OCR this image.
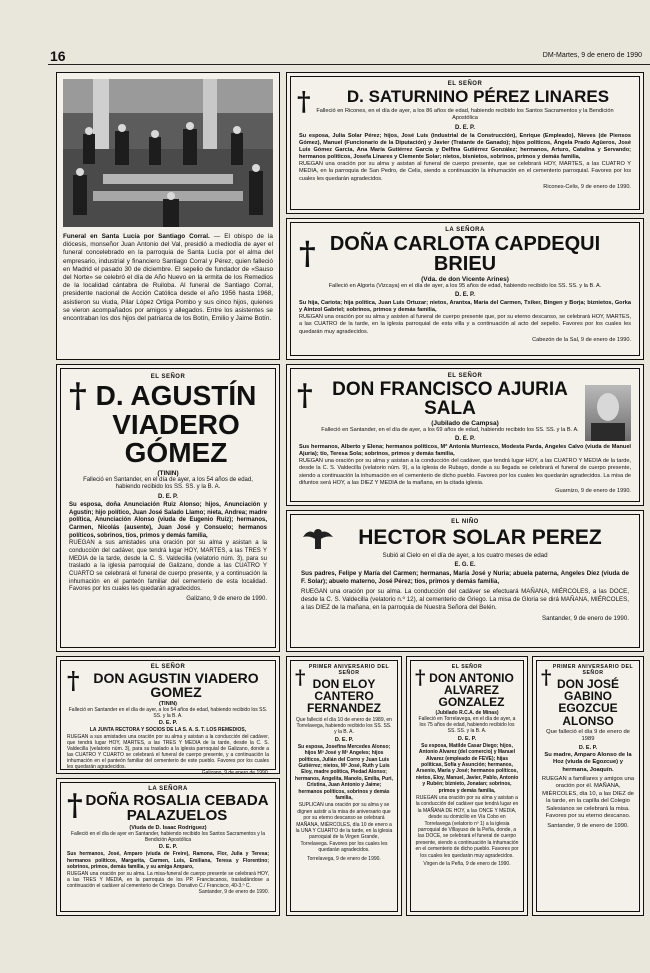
16	DM-Martes, 9 de enero de 1990
Funeral en Santa Lucía por Santiago Corral. — El obispo de la diócesis, monseñor Juan Antonio del Val, presidió a mediodía de ayer el funeral concelebrado en la parroquia de Santa Lucía por el alma del empresario, industrial y financiero Santiago Corral y Pérez, quien falleció en Madrid el pasado 30 de diciembre. El sepelio de fundador de «Sauso del Norte» se celebró el día de Año Nuevo en la ermita de los Remedios de la localidad cántabra de Ruiloba. Al funeral de Santiago Corral, presidente nacional de Acción Católica desde el año 1956 hasta 1968, asistieron su viuda, Pilar López Ortiga Pombo y sus cinco hijos, quienes se vieron acompañados por amigos y allegados. Entre los asistentes se encontraban los dos hijos del patriarca de los Botín, Emilio y Jaime Botín.
†
EL SEÑOR
D. SATURNINO PÉREZ LINARES
Falleció en Ricones, en el día de ayer, a los 86 años de edad, habiendo recibido los Santos Sacramentos y la Bendición Apostólica
D. E. P.
Su esposa, Julia Solar Pérez; hijos, José Luis (industrial de la Construcción), Enrique (Empleado), Nieves (de Piensos Gómez), Manuel (Funcionario de la Diputación) y Javier (Tratante de Ganado); hijos políticos, Ángela Prado Agüeros, José Luis Gómez García, Ana María Gutiérrez García y Delfina Gutiérrez González; hermanos, Arturo, Catalina y Servando; hermanos políticos, Josefa Linares y Clemente Solar; nietos, bisnietos, sobrinos, primos y demás familia,
RUEGAN una oración por su alma y asistan al funeral de cuerpo presente, que se celebrará HOY, MARTES, a las CUATRO Y MEDIA, en la parroquia de San Pedro, de Celis, siendo a continuación la inhumación en el cementerio parroquial. Favores por los cuales les quedarán agradecidos.
Ricones-Celis, 9 de enero de 1990.
†
LA SEÑORA
DOÑA CARLOTA CAPDEQUI BRIEU
(Vda. de don Vicente Arines)
Falleció en Algorta (Vizcaya) en el día de ayer, a los 95 años de edad, habiendo recibido los SS. SS. y la B. A.
D. E. P.
Su hija, Cariota; hija política, Juan Luis Ortuzar; nietos, Arantxa, María del Carmen, Txiker, Bingen y Borja; biznietos, Gorka y Aintzol Gabriel; sobrinos, primos y demás familia,
RUEGAN una oración por su alma y asisten al funeral de cuerpo presente que, por su eterno descanso, se celebrará HOY, MARTES, a las CUATRO de la tarde, en la iglesia parroquial de esta villa y a continuación al acto del sepelio. Favores por los cuales les quedarán muy agradecidos.
Cabezón de la Sal, 9 de enero de 1990.
†	EL SEÑOR
D. AGUSTÍN VIADERO GÓMEZ
(TININ)
Falleció en Santander, en el día de ayer, a los 54 años de edad, habiendo recibido los SS. SS. y la B. A.
D. E. P.
Su esposa, doña Anunciación Ruiz Alonso; hijos, Anunciación y Agustín; hijo político, Juan José Salado Llamo; nieta, Andrea; madre política, Anunciación Alonso (viuda de Eugenio Ruiz); hermanos, Carmen, Nicolás (ausente), Juan José y Consuelo; hermanos políticos, sobrinos, tíos, primos y demás familia,
RUEGAN a sus amistades una oración por su alma y asistan a la conducción del cadáver, que tendrá lugar HOY, MARTES, a las TRES Y MEDIA de la tarde, desde la C. S. Valdecilla (velatorio núm. 3), para su traslado a la iglesia parroquial de Galizano, donde a las CUATRO Y CUARTO se celebrará el funeral de cuerpo presente, y a continuación la inhumación en el panteón familiar del cementerio de esta localidad. Favores por los cuales les quedarán agradecidos.
Galizano, 9 de enero de 1990.
†
EL SEÑOR
DON FRANCISCO AJURIA SALA
(Jubilado de Campsa)
Falleció en Santander, en el día de ayer, a los 69 años de edad, habiendo recibido los SS. SS. y la B. A.
D. E. P.
Sus hermanos, Alberto y Elena; hermanos políticos, Mª Antonia Murriesco, Modesta Parda, Angeles Calvo (viuda de Manuel Ajuria); tío, Teresa Sola; sobrinos, primos y demás familia,
RUEGAN una oración por su alma y asistan a la conducción del cadáver, que tendrá lugar HOY, a las CUATRO Y MEDIA de la tarde, desde la C. S. Valdecilla (velatorio núm. 9), a la iglesia de Rubayo, donde a su llegada se celebrará el funeral de cuerpo presente, siendo a continuación la inhumación en el cementerio de dicho pueblo. Favores por los cuales les quedarán agradecidos. La misa de difuntos será HOY, a las DIEZ Y MEDIA de la mañana, en la citada iglesia.
Guarnizo, 9 de enero de 1990.
EL NIÑO
HECTOR SOLAR PEREZ
Subió al Cielo en el día de ayer, a los cuatro meses de edad
E. G. E.
Sus padres, Felipe y María del Carmen; hermanas, María José y Nuria; abuela paterna, Angeles Díez (viuda de F. Solar); abuelo materno, José Pérez; tíos, primos y demás familia,
RUEGAN una oración por su alma. La conducción del cadáver se efectuará MAÑANA, MIÉRCOLES, a las DOCE, desde la C. S. Valdecilla (velatorio n.º 12), al cementerio de Griego. La misa de Gloria se dirá MAÑANA, MIÉRCOLES, a las DIEZ de la mañana, en la parroquia de Nuestra Señora del Belén.
Santander, 9 de enero de 1990.
†	EL SEÑOR
DON AGUSTIN VIADERO GOMEZ
(TININ)
Falleció en Santander en el día de ayer, a los 54 años de edad, habiendo recibido los SS. SS. y la B. A.
D. E. P.
LA JUNTA RECTORA Y SOCIOS DE LA S. A. S. T. LOS REMEDIOS,
RUEGAN a sus amistades una oración por su alma y asistan a la conducción del cadáver, que tendrá lugar HOY, MARTES, a las TRES Y MEDIA de la tarde, desde la C. S. Valdecilla (velatorio núm. 3), para su traslado a la iglesia parroquial de Galizano, donde a las CUATRO Y CUARTO se celebrará el funeral de cuerpo presente, y a continuación la inhumación en el panteón familiar del cementerio de este pueblo. Favores por los cuales les quedarán agradecidos.
Galizano, 9 de enero de 1990.
†	LA SEÑORA
DOÑA ROSALIA CEBADA PALAZUELOS
(Viuda de D. Isaac Rodríguez)
Falleció en el día de ayer en Santander, habiendo recibido los Santos Sacramentos y la Bendición Apostólica
D. E. P.
Sus hermanos, José, Amparo (viuda de Freire), Ramona, Flor, Julia y Teresa; hermanos políticos, Margarita, Carmen, Luis, Emiliana, Teresa y Florentino; sobrinos, primos, demás familia, y su amiga Amparo,
RUEGAN una oración por su alma. La misa-funeral de cuerpo presente se celebrará HOY, a las TRES Y MEDIA, en la parroquia de los PP. Franciscanos, trasladándose a continuación el cadáver al cementerio de Ciriego. Donativo C./ Francisco, 40-3.º C.
Santander, 9 de enero de 1990.
† PRIMER ANIVERSARIO DEL SEÑOR
DON ELOY CANTERO FERNANDEZ
Que falleció el día 10 de enero de 1989, en Torrelavega, habiendo recibido los SS. SS. y la B. A.
D. E. P.
Su esposa, Josefina Mercedes Alonso; hijos Mª José y Mª Angeles; hijos políticos, Julián del Corro y Juan Luis Gutiérrez; nietos, Mª José, Ruth y Luis Eloy, madre política, Piedad Alonso; hermanos, Angelita, Manolo, Emilia, Puri, Cristina, Juan Antonio y Jaime; hermanos políticos, sobrinos y demás familia,
SUPLICAN una oración por su alma y se dignen asistir a la misa de aniversario que por su eterno descanso se celebrará MAÑANA, MIÉRCOLES, día 10 de enero a la UNA Y CUARTO de la tarde, en la iglesia parroquial de la Virgen Grande, Torrelavega. Favores por los cuales les quedarán agradecidos.
Torrelavega, 9 de enero de 1990.
†	EL SEÑOR
DON ANTONIO ALVAREZ GONZALEZ
(Jubilado R.C.A. de Minas)
Falleció en Torrelavega, en el día de ayer, a los 75 años de edad, habiendo recibido los SS. SS. y la B. A.
D. E. P.
Su esposa, Matilde Casar Diego; hijos, Antonio Alvarez (del comercio) y Manuel Alvarez (empleado de FEVE); hijas políticas, Sofía y Asunción; hermanos, Arsenio, María y José; hermanos políticos, nietos, Eloy, Manuel, Javier, Pablo, Antonio y Rubén; biznieto, Jonatan; sobrinos, primos y demás familia,
RUEGAN una oración por su alma y asistan a la conducción del cadáver que tendrá lugar en la MAÑANA DE HOY, a las ONCE Y MEDIA, desde su domicilio en Vía Cobo en Torrelavega (velatorio nº 1) a la iglesia parroquial de Villayuso de la Peña, donde, a las DOCE, se celebrará el funeral de cuerpo presente, siendo a continuación la inhumación en el cementerio de dicho pueblo. Favores por los cuales les quedarán muy agradecidos.
Virgen de la Peña, 9 de enero de 1990.
† PRIMER ANIVERSARIO DEL SEÑOR
DON JOSÉ GABINO EGOZCUE ALONSO
Que falleció el día 9 de enero de 1989
D. E. P.
Su madre, Amparo Alonso de la Hoz (viuda de Egozcue) y hermana, Joaquín.
RUEGAN a familiares y amigos una oración por él. MAÑANA, MIÉRCOLES, día 10, a las DIEZ de la tarde, en la capilla del Colegio Salesianos se celebrará la misa. Favores por su eterno descanso.
Santander, 9 de enero de 1990.
